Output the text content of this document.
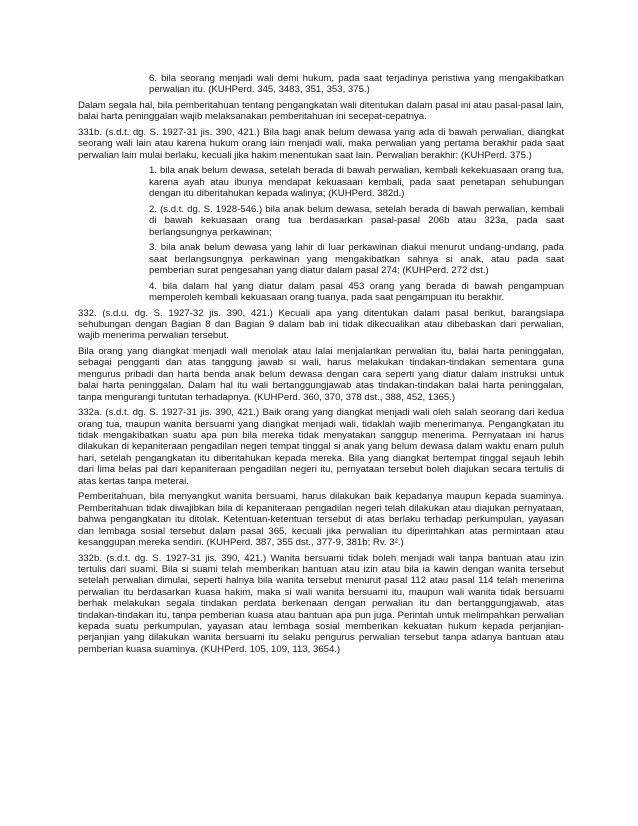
6. bila seorang menjadi wali demi hukum, pada saat terjadinya peristiwa yang mengakibatkan perwalian itu. (KUHPerd. 345, 3483, 351, 353, 375.)

Dalam segala hal, bila pemberitahuan tentang pengangkatan wali ditentukan dalam pasal ini atau pasal-pasal lain, balai harta peninggalan wajib melaksanakan pemberitahuan ini secepat-cepatnya.

331b. (s.d.t. dg. S. 1927-31 jis. 390, 421.) Bila bagi anak belum dewasa yang ada di bawah perwalian, diangkat seorang wali lain atau karena hukum orang lain menjadi wali, maka perwalian yang pertama berakhir pada saat perwalian lain mulai berlaku, kecuali jika hakim menentukan saat lain. Perwalian berakhir: (KUHPerd. 375.)

1. bila anak belum dewasa, setelah berada di bawah perwalian, kembali kekekuasaan orang tua, karena ayah atau ibunya mendapat kekuasaan kembali, pada saat penetapan sehubungan dengan itu diberitahukan kepada walinya; (KUHPerd. 382d.)

2. (s.d.t. dg. S. 1928-546.) bila anak belum dewasa, setelah berada di bawah perwalian, kembali di bawah kekuasaan orang tua berdasarkan pasal-pasal 206b atau 323a, pada saat berlangsungnya perkawinan;

3. bila anak belum dewasa yang lahir di luar perkawinan diakui menurut undang-undang, pada saat berlangsungnya perkawinan yang mengakibatkan sahnya si anak, atau pada saat pemberian surat pengesahan yang diatur dalam pasal 274; (KUHPerd. 272 dst.)

4. bila dalam hal yang diatur dalam pasal 453 orang yang berada di bawah pengampuan memperoleh kembali kekuasaan orang tuanya, pada saat pengampuan itu berakhir.

332. (s.d.u. dg. S. 1927-32 jis. 390, 421.) Kecuali apa yang ditentukan dalam pasal berikut, barangsiapa sehubungan dengan Bagian 8 dan Bagian 9 dalam bab ini tidak dikecualikan atau dibebaskan dari perwalian, wajib menerima perwalian tersebut.

Bila orang yang diangkat menjadi wali menolak atau lalai menjalankan perwalian itu, balai harta peninggalan, sebagai pengganti dan atas tanggung jawab si wali, harus melakukan tindakan-tindakan sementara guna mengurus pribadi dan harta benda anak belum dewasa dengan cara seperti yang diatur dalam instruksi untuk balai harta peninggalan. Dalam hal itu wali bertanggungjawab atas tindakan-tindakan balai harta peninggalan, tanpa mengurangi tuntutan terhadapnya. (KUHPerd. 360, 370, 378 dst., 388, 452, 1365.)

332a. (s.d.t. dg. S. 1927-31 jis. 390, 421.) Baik orang yang diangkat menjadi wali oleh salah seorang dari kedua orang tua, maupun wanita bersuami yang diangkat menjadi wali, tidaklah wajib menerimanya. Pengangkatan itu tidak mengakibatkan suatu apa pun bila mereka tidak menyatakan sanggup menerima. Pernyataan ini harus dilakukan di kepaniteraan pengadilan negeri tempat tinggal si anak yang belum dewasa dalam waktu enam puluh hari, setelah pengangkatan itu diberitahukan kepada mereka. Bila yang diangkat bertempat tinggal sejauh lebih dari lima belas pal dari kepaniteraan pengadilan negeri itu, pernyataan tersebut boleh diajukan secara tertulis di atas kertas tanpa meterai.

Pemberitahuan, bila menyangkut wanita bersuami, harus dilakukan baik kepadanya maupun kepada suaminya. Pemberitahuan tidak diwajibkan bila di kepaniteraan pengadilan negeri telah dilakukan atau diajukan pernyataan, bahwa pengangkatan itu ditolak. Ketentuan-ketentuan tersebut di atas berlaku terhadap perkumpulan, yayasan dan lembaga sosial tersebut dalam pasal 365, kecuali jika perwalian itu diperintahkan atas permintaan atau kesanggupan mereka sendiri. (KUHPerd. 387, 355 dst., 377-9, 381b; Rv. 3².)

332b. (s.d.t. dg. S. 1927-31 jis. 390, 421.) Wanita bersuami tidak boleh menjadi wali tanpa bantuan atau izin tertulis dari suami. Bila si suami telah memberikan bantuan atau izin atau bila ia kawin dengan wanita tersebut setelah perwalian dimulai, seperti halnya bila wanita tersebut menurut pasal 112 atau pasal 114 telah menerima perwalian itu berdasarkan kuasa hakim, maka si wali wanita bersuami itu, maupun wali wanita tidak bersuami berhak melakukan segala tindakan perdata berkenaan dengan perwalian itu dan bertanggungjawab, atas tindakan-tindakan itu, tanpa pemberian kuasa atau bantuan apa pun juga. Perintah untuk melimpahkan perwalian kepada suatu perkumpulan, yayasan atau lembaga sosial memberikan kekuatan hukum kepada perjanjian-perjanjian yang dilakukan wanita bersuami itu selaku pengurus perwalian tersebut tanpa adanya bantuan atau pemberian kuasa suaminya. (KUHPerd. 105, 109, 113, 3654.)
